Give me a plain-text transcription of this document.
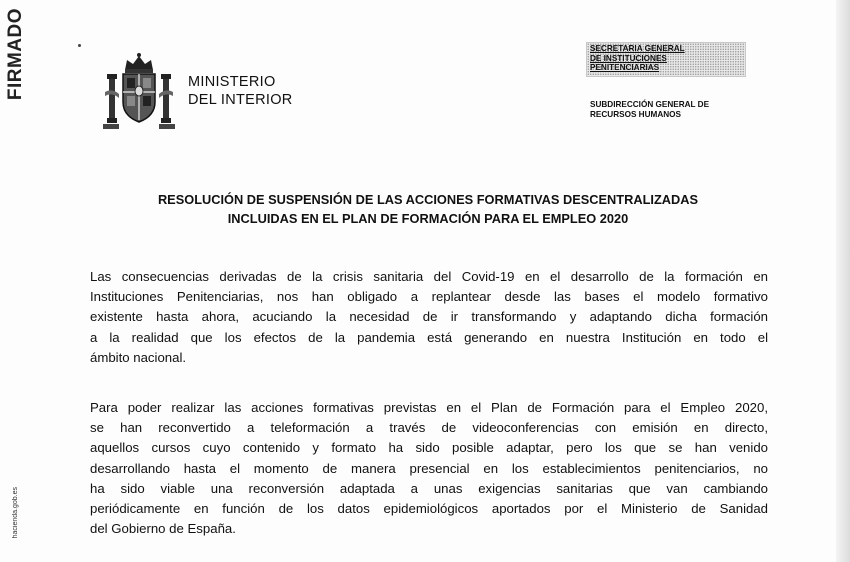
FIRMADO
hacienda.gob.es
MINISTERIO
DEL INTERIOR
SECRETARIA GENERAL
DE INSTITUCIONES
PENITENCIARIAS
SUBDIRECCIÓN GENERAL DE
RECURSOS HUMANOS
RESOLUCIÓN DE SUSPENSIÓN DE LAS ACCIONES FORMATIVAS DESCENTRALIZADAS
INCLUIDAS EN EL PLAN DE FORMACIÓN PARA EL EMPLEO 2020
Las consecuencias derivadas de la crisis sanitaria del Covid-19 en el desarrollo de la formación en
Instituciones Penitenciarias, nos han obligado a replantear desde las bases el modelo formativo
existente hasta ahora, acuciando la necesidad de ir transformando y adaptando dicha formación
a la realidad que los efectos de la pandemia está generando en nuestra Institución en todo el
ámbito nacional.
Para poder realizar las acciones formativas previstas en el Plan de Formación para el Empleo 2020,
se han reconvertido a teleformación a través de videoconferencias con emisión en directo,
aquellos cursos cuyo contenido y formato ha sido posible adaptar, pero los que se han venido
desarrollando hasta el momento de manera presencial en los establecimientos penitenciarios, no
ha sido viable una reconversión adaptada a unas exigencias sanitarias que van cambiando
periódicamente en función de los datos epidemiológicos aportados por el Ministerio de Sanidad
del Gobierno de España.
